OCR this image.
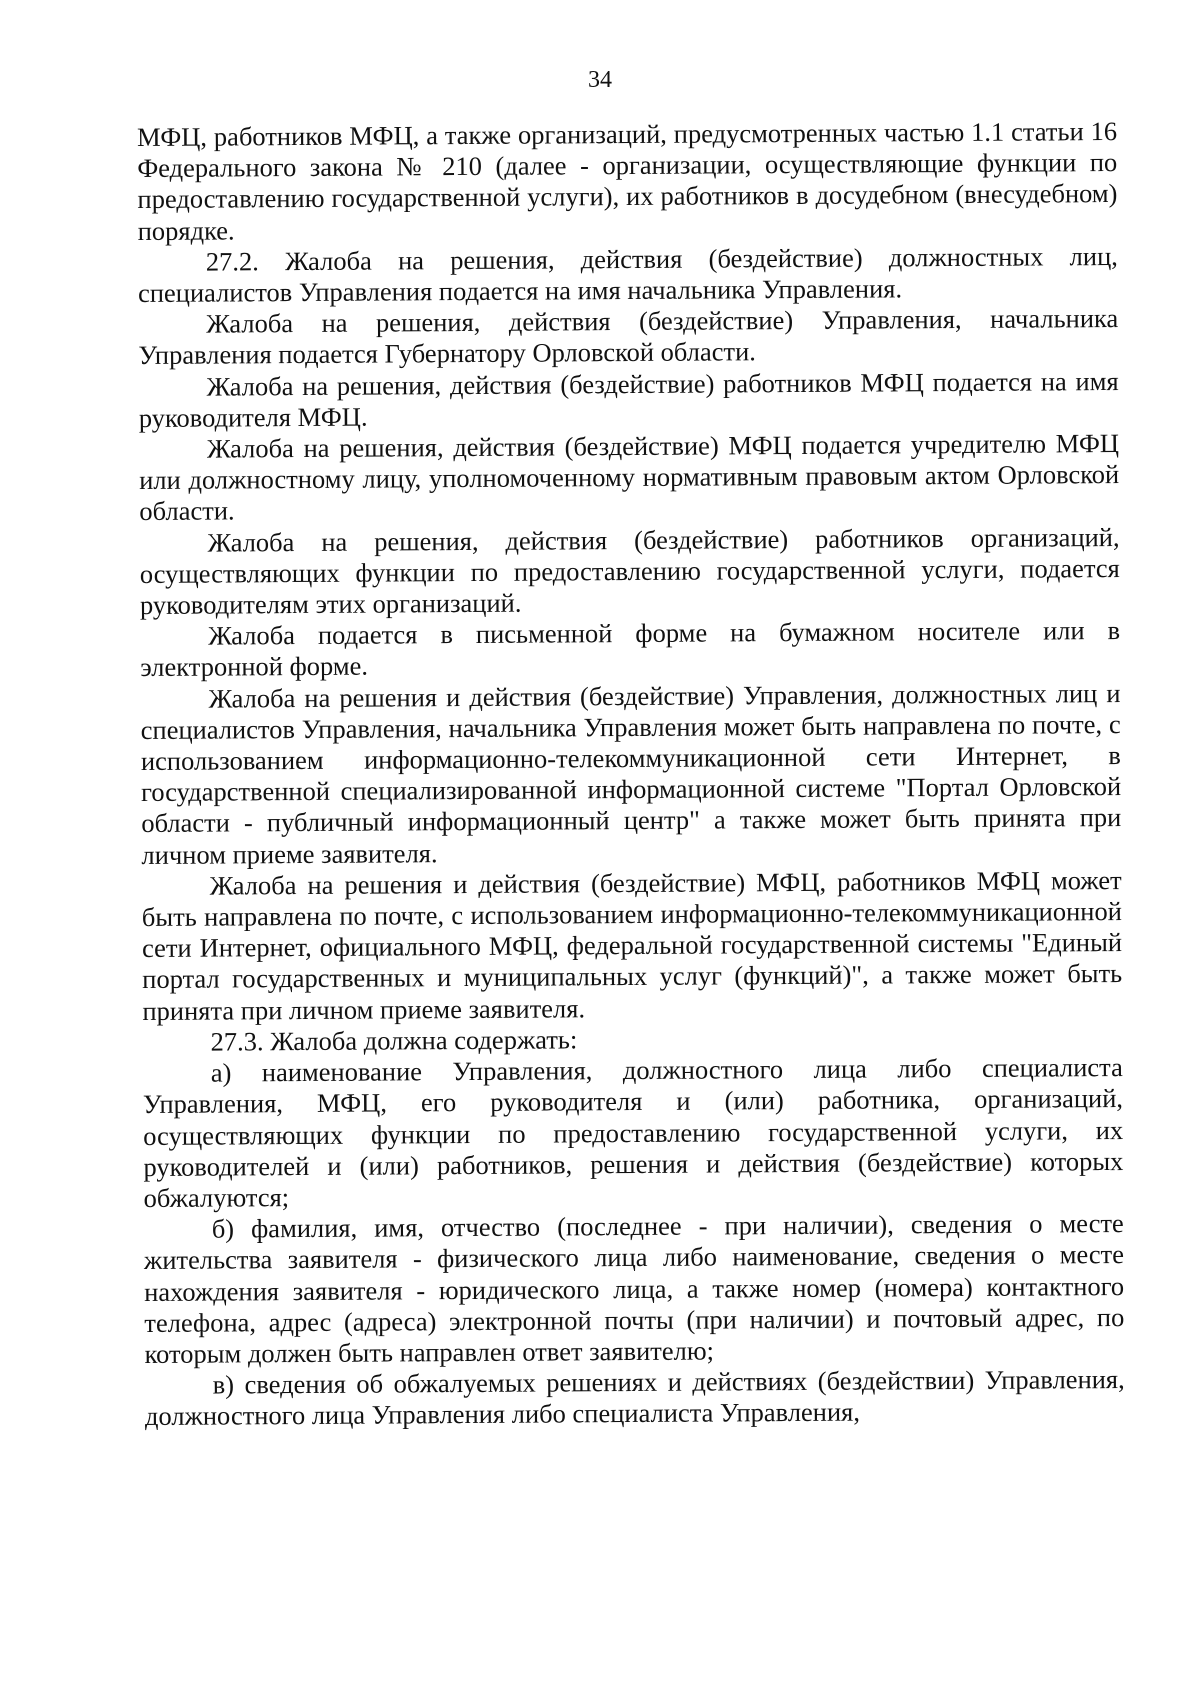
34

МФЦ, работников МФЦ, а также организаций, предусмотренных частью 1.1 статьи 16 Федерального закона № 210 (далее - организации, осуществляющие функции по предоставлению государственной услуги), их работников в досудебном (внесудебном) порядке.

27.2. Жалоба на решения, действия (бездействие) должностных лиц, специалистов Управления подается на имя начальника Управления.

Жалоба на решения, действия (бездействие) Управления, начальника Управления подается Губернатору Орловской области.

Жалоба на решения, действия (бездействие) работников МФЦ подается на имя руководителя МФЦ.

Жалоба на решения, действия (бездействие) МФЦ подается учредителю МФЦ или должностному лицу, уполномоченному нормативным правовым актом Орловской области.

Жалоба на решения, действия (бездействие) работников организаций, осуществляющих функции по предоставлению государственной услуги, подается руководителям этих организаций.

Жалоба подается в письменной форме на бумажном носителе или в электронной форме.

Жалоба на решения и действия (бездействие) Управления, должностных лиц и специалистов Управления, начальника Управления может быть направлена по почте, с использованием информационно-телекоммуникационной сети Интернет, в государственной специализированной информационной системе "Портал Орловской области - публичный информационный центр" а также может быть принята при личном приеме заявителя.

Жалоба на решения и действия (бездействие) МФЦ, работников МФЦ может быть направлена по почте, с использованием информационно-телекоммуникационной сети Интернет, официального МФЦ, федеральной государственной системы "Единый портал государственных и муниципальных услуг (функций)", а также может быть принята при личном приеме заявителя.

27.3. Жалоба должна содержать:

а) наименование Управления, должностного лица либо специалиста Управления, МФЦ, его руководителя и (или) работника, организаций, осуществляющих функции по предоставлению государственной услуги, их руководителей и (или) работников, решения и действия (бездействие) которых обжалуются;

б) фамилия, имя, отчество (последнее - при наличии), сведения о месте жительства заявителя - физического лица либо наименование, сведения о месте нахождения заявителя - юридического лица, а также номер (номера) контактного телефона, адрес (адреса) электронной почты (при наличии) и почтовый адрес, по которым должен быть направлен ответ заявителю;

в) сведения об обжалуемых решениях и действиях (бездействии) Управления, должностного лица Управления либо специалиста Управления,
